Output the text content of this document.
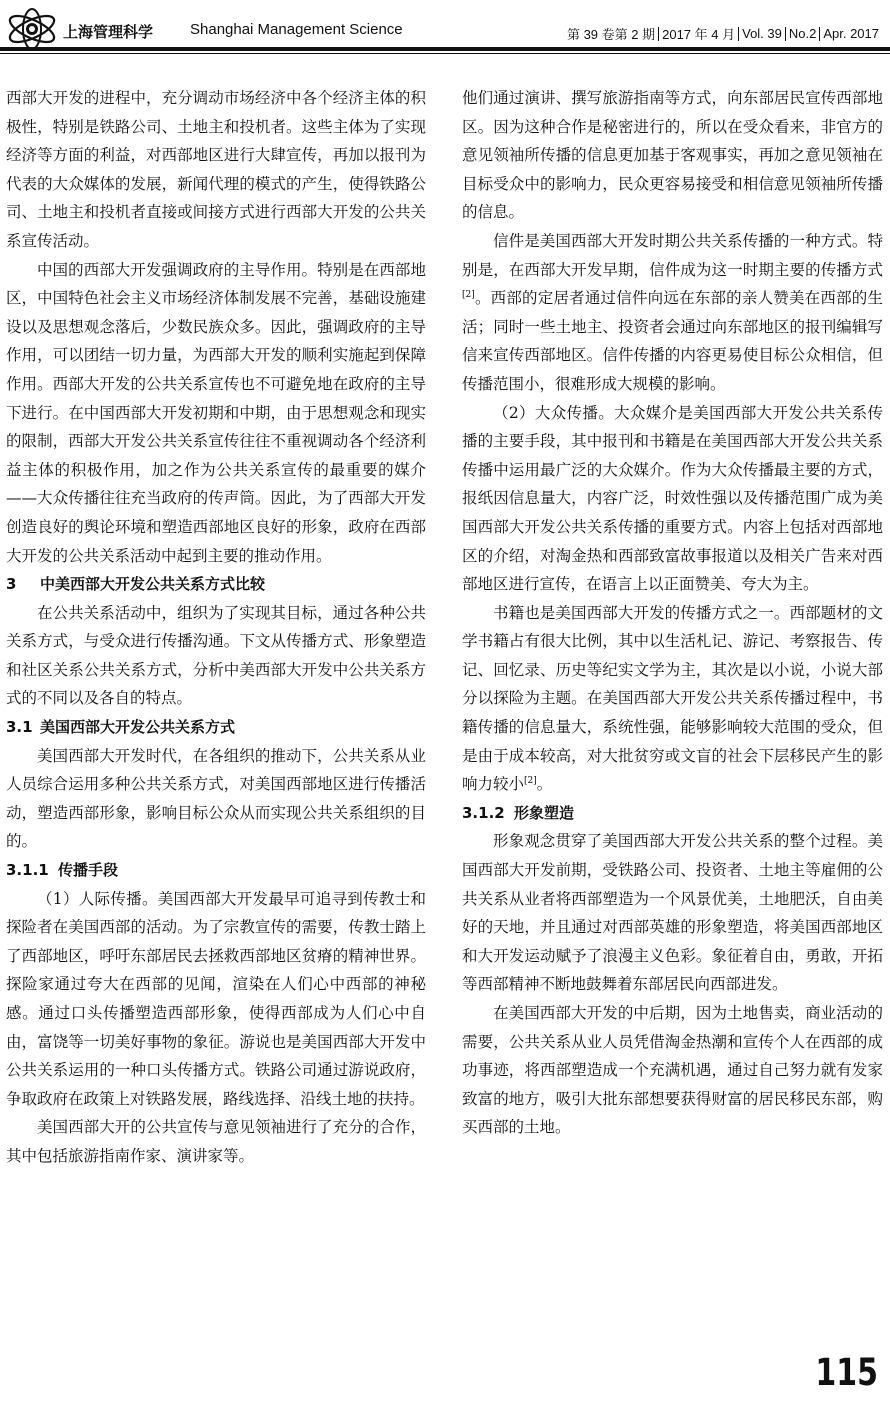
上海管理科学 Shanghai Management Science	第 39 卷第 2 期 2017 年 4 月 Vol. 39 No.2 Apr. 2017

西部大开发的进程中，充分调动市场经济中各个经济主体的积极性，特别是铁路公司、土地主和投机者。这些主体为了实现经济等方面的利益，对西部地区进行大肆宣传，再加以报刊为代表的大众媒体的发展，新闻代理的模式的产生，使得铁路公司、土地主和投机者直接或间接方式进行西部大开发的公共关系宣传活动。

中国的西部大开发强调政府的主导作用。特别是在西部地区，中国特色社会主义市场经济体制发展不完善，基础设施建设以及思想观念落后，少数民族众多。因此，强调政府的主导作用，可以团结一切力量，为西部大开发的顺利实施起到保障作用。西部大开发的公共关系宣传也不可避免地在政府的主导下进行。在中国西部大开发初期和中期，由于思想观念和现实的限制，西部大开发公共关系宣传往往不重视调动各个经济利益主体的积极作用，加之作为公共关系宣传的最重要的媒介——大众传播往往充当政府的传声筒。因此，为了西部大开发创造良好的舆论环境和塑造西部地区良好的形象，政府在西部大开发的公共关系活动中起到主要的推动作用。

3 中美西部大开发公共关系方式比较

在公共关系活动中，组织为了实现其目标，通过各种公共关系方式，与受众进行传播沟通。下文从传播方式、形象塑造和社区关系公共关系方式，分析中美西部大开发中公共关系方式的不同以及各自的特点。

3.1 美国西部大开发公共关系方式

美国西部大开发时代，在各组织的推动下，公共关系从业人员综合运用多种公共关系方式，对美国西部地区进行传播活动，塑造西部形象，影响目标公众从而实现公共关系组织的目的。

3.1.1 传播手段

（1）人际传播。美国西部大开发最早可追寻到传教士和探险者在美国西部的活动。为了宗教宣传的需要，传教士踏上了西部地区，呼吁东部居民去拯救西部地区贫瘠的精神世界。探险家通过夸大在西部的见闻，渲染在人们心中西部的神秘感。通过口头传播塑造西部形象，使得西部成为人们心中自由，富饶等一切美好事物的象征。游说也是美国西部大开发中公共关系运用的一种口头传播方式。铁路公司通过游说政府，争取政府在政策上对铁路发展，路线选择、沿线土地的扶持。

美国西部大开的公共宣传与意见领袖进行了充分的合作，其中包括旅游指南作家、演讲家等。

他们通过演讲、撰写旅游指南等方式，向东部居民宣传西部地区。因为这种合作是秘密进行的，所以在受众看来，非官方的意见领袖所传播的信息更加基于客观事实，再加之意见领袖在目标受众中的影响力，民众更容易接受和相信意见领袖所传播的信息。

信件是美国西部大开发时期公共关系传播的一种方式。特别是，在西部大开发早期，信件成为这一时期主要的传播方式[2]。西部的定居者通过信件向远在东部的亲人赞美在西部的生活；同时一些土地主、投资者会通过向东部地区的报刊编辑写信来宣传西部地区。信件传播的内容更易使目标公众相信，但传播范围小，很难形成大规模的影响。

（2）大众传播。大众媒介是美国西部大开发公共关系传播的主要手段，其中报刊和书籍是在美国西部大开发公共关系传播中运用最广泛的大众媒介。作为大众传播最主要的方式，报纸因信息量大，内容广泛，时效性强以及传播范围广成为美国西部大开发公共关系传播的重要方式。内容上包括对西部地区的介绍，对淘金热和西部致富故事报道以及相关广告来对西部地区进行宣传，在语言上以正面赞美、夸大为主。

书籍也是美国西部大开发的传播方式之一。西部题材的文学书籍占有很大比例，其中以生活札记、游记、考察报告、传记、回忆录、历史等纪实文学为主，其次是以小说，小说大部分以探险为主题。在美国西部大开发公共关系传播过程中，书籍传播的信息量大，系统性强，能够影响较大范围的受众，但是由于成本较高，对大批贫穷或文盲的社会下层移民产生的影响力较小[2]。

3.1.2 形象塑造

形象观念贯穿了美国西部大开发公共关系的整个过程。美国西部大开发前期，受铁路公司、投资者、土地主等雇佣的公共关系从业者将西部塑造为一个风景优美，土地肥沃，自由美好的天地，并且通过对西部英雄的形象塑造，将美国西部地区和大开发运动赋予了浪漫主义色彩。象征着自由，勇敢，开拓等西部精神不断地鼓舞着东部居民向西部进发。

在美国西部大开发的中后期，因为土地售卖，商业活动的需要，公共关系从业人员凭借淘金热潮和宣传个人在西部的成功事迹，将西部塑造成一个充满机遇，通过自己努力就有发家致富的地方，吸引大批东部想要获得财富的居民移民东部，购买西部的土地。

115
